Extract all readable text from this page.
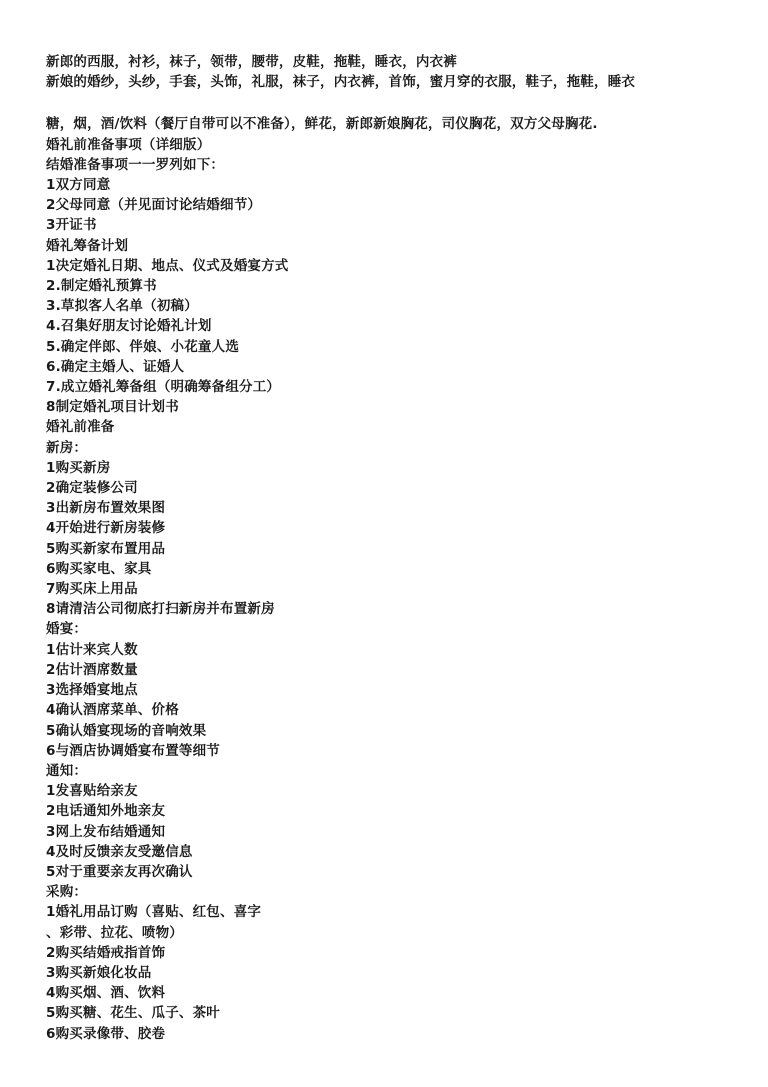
新郎的西服，衬衫，袜子，领带，腰带，皮鞋，拖鞋，睡衣，内衣裤
新娘的婚纱，头纱，手套，头饰，礼服，袜子，内衣裤，首饰，蜜月穿的衣服，鞋子，拖鞋，睡衣
糖，烟，酒/饮料（餐厅自带可以不准备），鲜花，新郎新娘胸花，司仪胸花，双方父母胸花.
婚礼前准备事项（详细版）
结婚准备事项一一罗列如下：
1双方同意
2父母同意（并见面讨论结婚细节）
3开证书
婚礼筹备计划
1决定婚礼日期、地点、仪式及婚宴方式
2.制定婚礼预算书
3.草拟客人名单（初稿）
4.召集好朋友讨论婚礼计划
5.确定伴郎、伴娘、小花童人选
6.确定主婚人、证婚人
7.成立婚礼筹备组（明确筹备组分工）
8制定婚礼项目计划书
婚礼前准备
新房：
1购买新房
2确定装修公司
3出新房布置效果图
4开始进行新房装修
5购买新家布置用品
6购买家电、家具
7购买床上用品
8请清洁公司彻底打扫新房并布置新房
婚宴：
1估计来宾人数
2估计酒席数量
3选择婚宴地点
4确认酒席菜单、价格
5确认婚宴现场的音响效果
6与酒店协调婚宴布置等细节
通知：
1发喜贴给亲友
2电话通知外地亲友
3网上发布结婚通知
4及时反馈亲友受邀信息
5对于重要亲友再次确认
采购：
1婚礼用品订购（喜贴、红包、喜字
、彩带、拉花、喷物）
2购买结婚戒指首饰
3购买新娘化妆品
4购买烟、酒、饮料
5购买糖、花生、瓜子、茶叶
6购买录像带、胶卷
